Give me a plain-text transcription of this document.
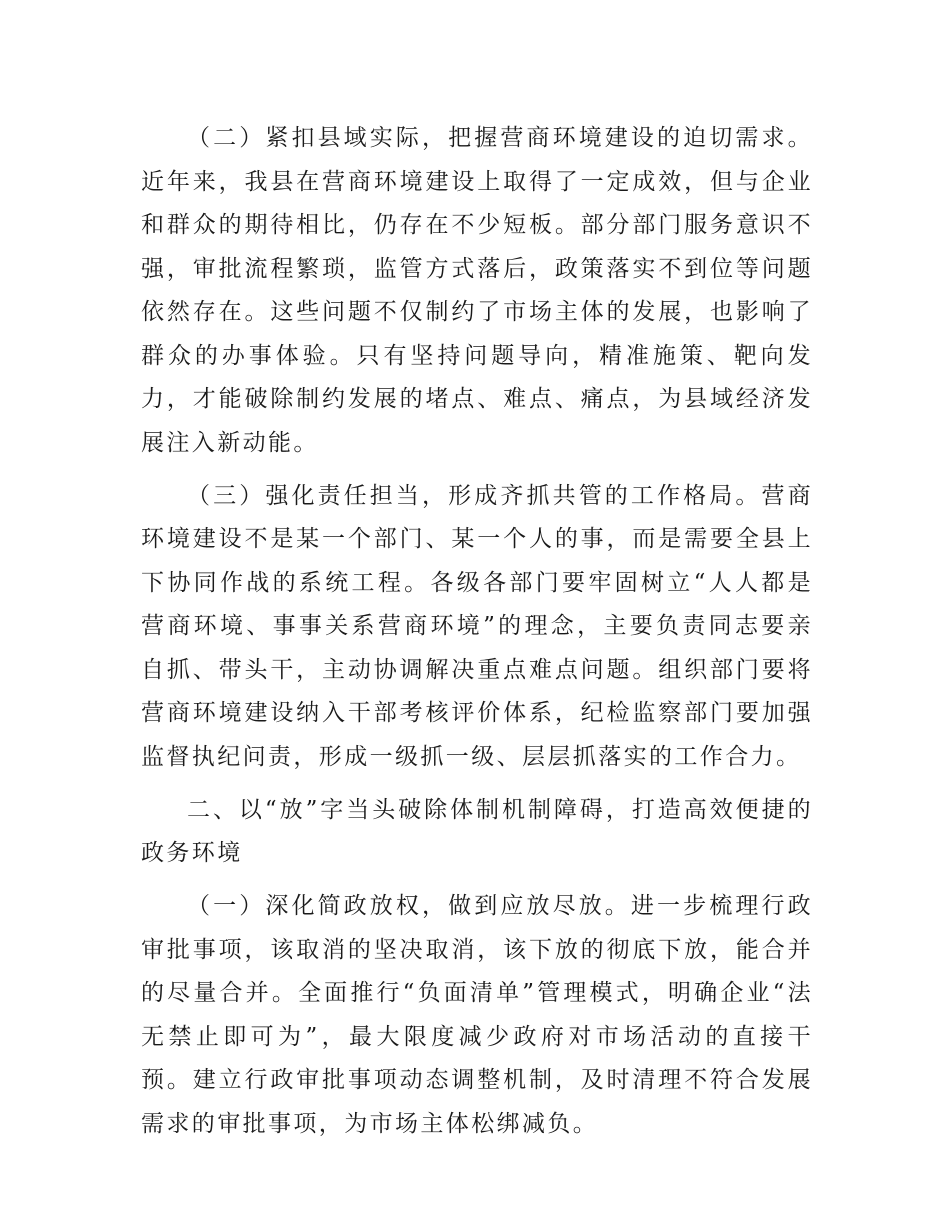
（二）紧扣县域实际，把握营商环境建设的迫切需求。近年来，我县在营商环境建设上取得了一定成效，但与企业和群众的期待相比，仍存在不少短板。部分部门服务意识不强，审批流程繁琐，监管方式落后，政策落实不到位等问题依然存在。这些问题不仅制约了市场主体的发展，也影响了群众的办事体验。只有坚持问题导向，精准施策、靶向发力，才能破除制约发展的堵点、难点、痛点，为县域经济发展注入新动能。

（三）强化责任担当，形成齐抓共管的工作格局。营商环境建设不是某一个部门、某一个人的事，而是需要全县上下协同作战的系统工程。各级各部门要牢固树立“人人都是营商环境、事事关系营商环境”的理念，主要负责同志要亲自抓、带头干，主动协调解决重点难点问题。组织部门要将营商环境建设纳入干部考核评价体系，纪检监察部门要加强监督执纪问责，形成一级抓一级、层层抓落实的工作合力。

二、以“放”字当头破除体制机制障碍，打造高效便捷的政务环境

（一）深化简政放权，做到应放尽放。进一步梳理行政审批事项，该取消的坚决取消，该下放的彻底下放，能合并的尽量合并。全面推行“负面清单”管理模式，明确企业“法无禁止即可为”，最大限度减少政府对市场活动的直接干预。建立行政审批事项动态调整机制，及时清理不符合发展需求的审批事项，为市场主体松绑减负。
